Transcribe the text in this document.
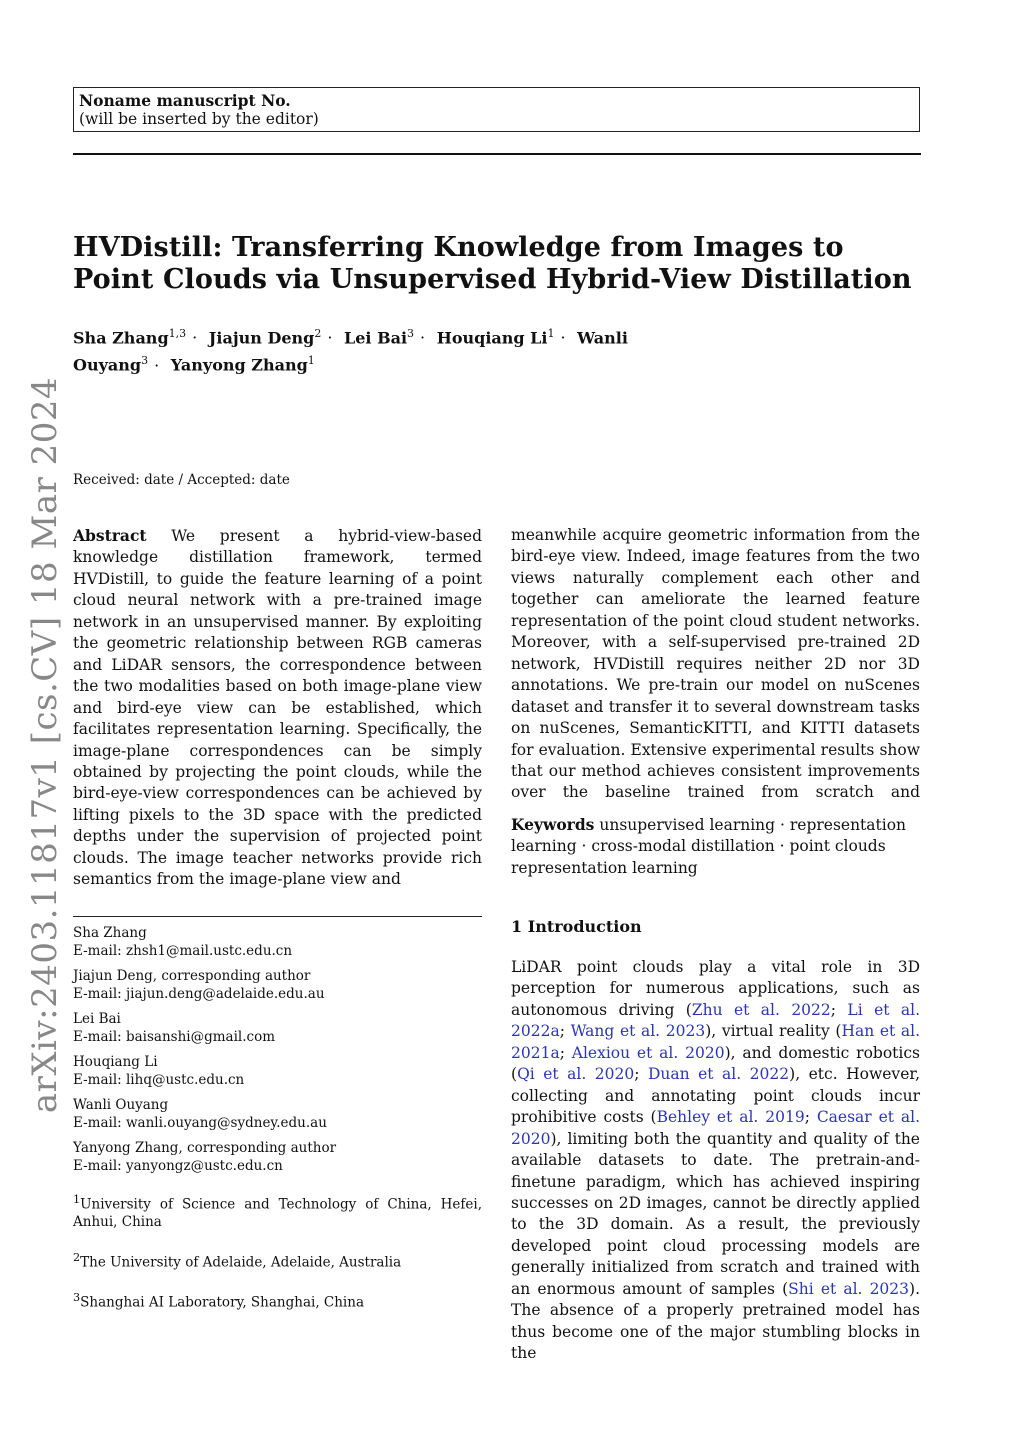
Noname manuscript No.
(will be inserted by the editor)
HVDistill: Transferring Knowledge from Images to Point Clouds via Unsupervised Hybrid-View Distillation
Sha Zhang$^{1,3}$ · Jiajun Deng$^2$ · Lei Bai$^3$ · Houqiang $Li^1$ · Wanli Ouyang$^3$ · Yanyong Zhang$^1$
arXiv:2403.11817v1 [cs.CV] 18 Mar 2024 Received: date / Accepted: date

Abstract We present a hybrid-view-based knowledge distillation framework, termed HVDistill, to guide the feature learning of a point cloud neural network with a pre-trained image network in an unsupervised manner. By exploiting the geometric relationship between RGB cameras and LiDAR sensors, the correspondence between the two modalities based on both image-plane view and bird-eye view can be established, which facilitates representation learning. Specifically, the image-plane correspondences can be simply obtained by projecting the point clouds, while the bird-eye-view correspondences can be achieved by lifting pixels to the 3D space with the predicted depths under the supervision of projected point clouds. The image teacher networks provide rich semantics from the image-plane view and

Sha Zhang
E-mail: zhsh1@mail.ustc.edu.cn
Jiajun Deng, corresponding author
E-mail: jiajun.deng@adelaide.edu.au
Lei Bai
E-mail: baisanshi@gmail.com
Houqiang Li
E-mail: lihq@ustc.edu.cn
Wanli Ouyang
E-mail: wanli.ouyang@sydney.edu.au
Yanyong Zhang, corresponding author
E-mail: yanyongz@ustc.edu.cn
$^1$University of Science and Technology of China, Hefei, Anhui, China
$^2$The University of Adelaide, Adelaide, Australia
$^3$Shanghai AI Laboratory, Shanghai, China

meanwhile acquire geometric information from the bird-eye view. Indeed, image features from the two views naturally complement each other and together can ameliorate the learned feature representation of the point cloud student networks. Moreover, with a self-supervised pre-trained 2D network, HVDistill requires neither 2D nor 3D annotations. We pre-train our model on nuScenes dataset and transfer it to several downstream tasks on nuScenes, SemanticKITTI, and KITTI datasets for evaluation. Extensive experimental results show that our method achieves consistent improvements over the baseline trained from scratch and

Keywords unsupervised learning · representation learning · cross-modal distillation · point clouds representation learning

1 Introduction

LiDAR point clouds play a vital role in 3D perception for numerous applications, such as autonomous driving (Zhu et al. 2022; Li et al. 2022a; Wang et al. 2023), virtual reality (Han et al. 2021a; Alexiou et al. 2020), and domestic robotics (Qi et al. 2020; Duan et al. 2022), etc. However, collecting and annotating point clouds incur prohibitive costs (Behley et al. 2019; Caesar et al. 2020), limiting both the quantity and quality of the available datasets to date. The pretrain-and-finetune paradigm, which has achieved inspiring successes on 2D images, cannot be directly applied to the 3D domain. As a result, the previously developed point cloud processing models are generally initialized from scratch and trained with an enormous amount of samples (Shi et al. 2023). The absence of a properly pretrained model has thus become one of the major stumbling blocks in the
